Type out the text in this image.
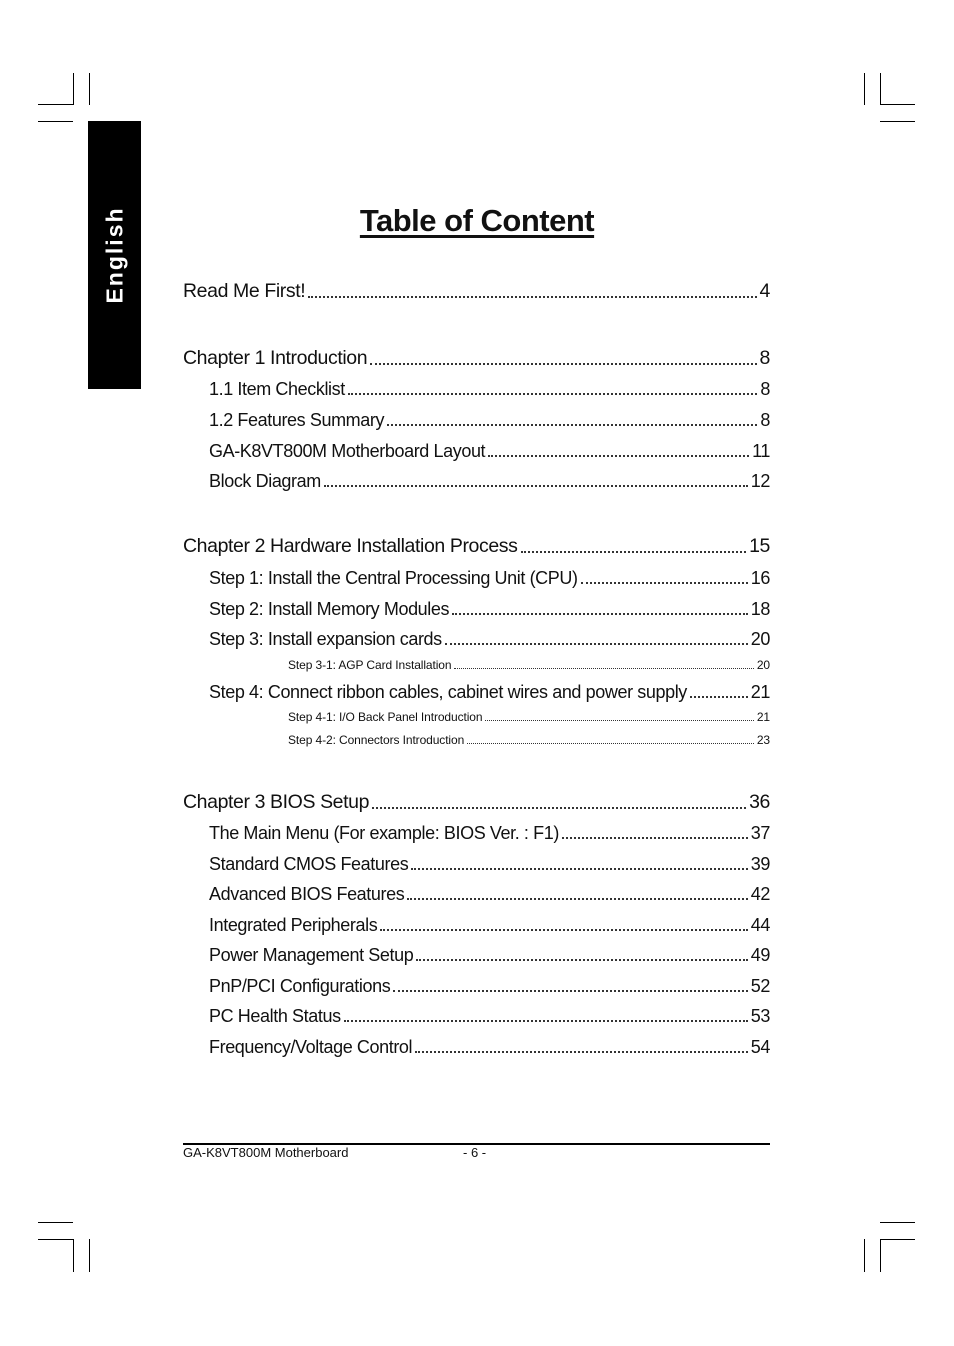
English	Table of Content
Read Me First!	4
Chapter 1 Introduction	8
1.1 Item Checklist	8
1.2 Features Summary	8
GA-K8VT800M Motherboard Layout	11
Block Diagram	12
Chapter 2 Hardware Installation Process	15
Step 1: Install the Central Processing Unit (CPU)	16
Step 2: Install Memory Modules	18
Step 3: Install expansion cards	20
Step 3-1: AGP Card Installation	20
Step 4: Connect ribbon cables, cabinet wires and power supply	21
Step 4-1: I/O Back Panel Introduction	21
Step 4-2: Connectors Introduction	23
Chapter 3 BIOS Setup	36
The Main Menu (For example: BIOS Ver. : F1)	37
Standard CMOS Features	39
Advanced BIOS Features	42
Integrated Peripherals	44
Power Management Setup	49
PnP/PCI Configurations	52
PC Health Status	53
Frequency/Voltage Control	54
GA-K8VT800M Motherboard	- 6 -
